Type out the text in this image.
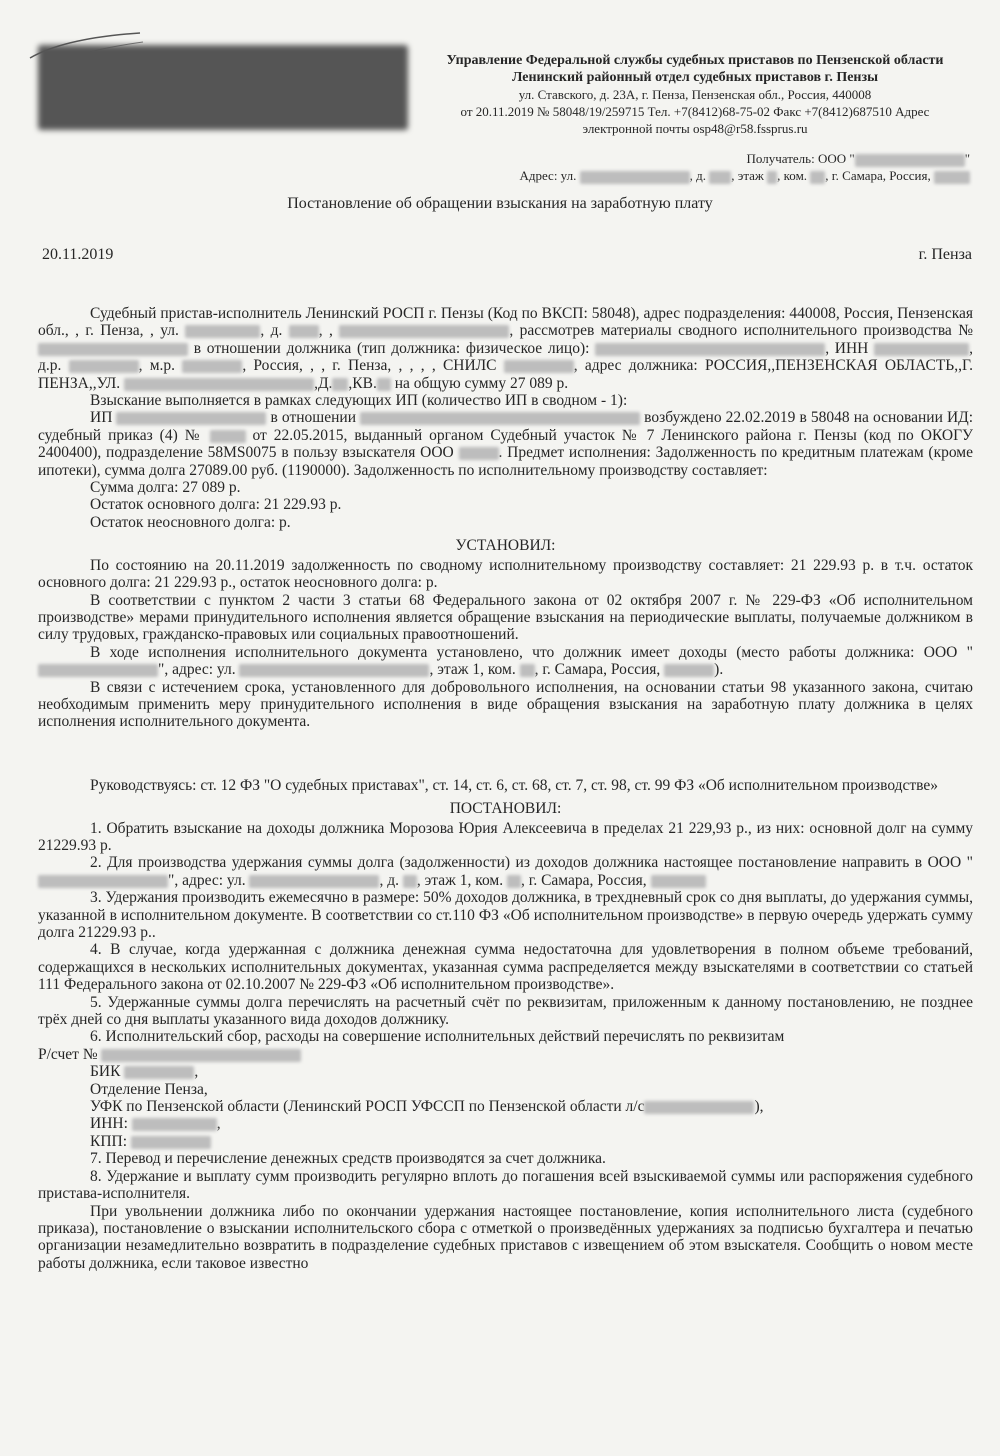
Управление Федеральной службы судебных приставов по Пензенской области
Ленинский районный отдел судебных приставов г. Пензы
ул. Ставского, д. 23А, г. Пенза, Пензенская обл., Россия, 440008
от 20.11.2019 № 58048/19/259715 Тел. +7(8412)68-75-02 Факс +7(8412)687510 Адрес
электронной почты osp48@r58.fssprus.ru
Получатель: ООО "	"
Адрес: ул.	, д. , этаж , ком. , г. Самара, Россия,
Постановление об обращении взыскания на заработную плату
20.11.2019	г. Пенза

Судебный пристав-исполнитель Ленинский РОСП г. Пензы (Код по ВКСП: 58048), адрес подразделения: 440008, Россия, Пензенская обл., , г. Пенза, , ул.	, д. , ,	, рассмотрев материалы сводного исполнительного производства №  в отношении должника (тип должника: физическое лицо):	, ИНН	, д.р.	, м.р.	, Россия, , , г. Пенза, , , , , СНИЛС	, адрес должника: РОССИЯ,,ПЕНЗЕНСКАЯ ОБЛАСТЬ,,Г. ПЕНЗА,,УЛ.	,Д. ,КВ. на общую сумму 27 089 р.

Взыскание выполняется в рамках следующих ИП (количество ИП в сводном - 1):

ИП	в отношении	возбуждено 22.02.2019 в 58048 на основании ИД: судебный приказ (4) №	от 22.05.2015, выданный органом Судебный участок № 7 Ленинского района г. Пензы (код по ОКОГУ 2400400), подразделение 58MS0075 в пользу взыскателя ООО	. Предмет исполнения: Задолженность по кредитным платежам (кроме ипотеки), сумма долга 27089.00 руб. (1190000). Задолженность по исполнительному производству составляет:

Сумма долга: 27 089 р.

Остаток основного долга: 21 229.93 р.

Остаток неосновного долга: р.

УСТАНОВИЛ:

По состоянию на 20.11.2019 задолженность по сводному исполнительному производству составляет: 21 229.93 р. в т.ч. остаток основного долга: 21 229.93 р., остаток неосновного долга: р.

В соответствии с пунктом 2 части 3 статьи 68 Федерального закона от 02 октября 2007 г. № 229-ФЗ «Об исполнительном производстве» мерами принудительного исполнения является обращение взыскания на периодические выплаты, получаемые должником в силу трудовых, гражданско-правовых или социальных правоотношений.

В ходе исполнения исполнительного документа установлено, что должник имеет доходы (место работы должника: ООО "", адрес: ул.	, этаж 1, ком. , г. Самара, Россия,	).

В связи с истечением срока, установленного для добровольного исполнения, на основании статьи 98 указанного закона, считаю необходимым применить меру принудительного исполнения в виде обращения взыскания на заработную плату должника в целях исполнения исполнительного документа.

Руководствуясь: ст. 12 ФЗ "О судебных приставах", ст. 14, ст. 6, ст. 68, ст. 7, ст. 98, ст. 99 ФЗ «Об исполнительном производстве»

ПОСТАНОВИЛ:

1. Обратить взыскание на доходы должника Морозова Юрия Алексеевича в пределах 21 229,93 р., из них: основной долг на сумму 21229.93 р.

2. Для производства удержания суммы долга (задолженности) из доходов должника настоящее постановление направить в ООО "", адрес: ул.	, д. , этаж 1, ком. , г. Самара, Россия,

3. Удержания производить ежемесячно в размере: 50% доходов должника, в трехдневный срок со дня выплаты, до удержания суммы, указанной в исполнительном документе. В соответствии со ст.110 ФЗ «Об исполнительном производстве» в первую очередь удержать сумму долга 21229.93 р..

4. В случае, когда удержанная с должника денежная сумма недостаточна для удовлетворения в полном объеме требований, содержащихся в нескольких исполнительных документах, указанная сумма распределяется между взыскателями в соответствии со статьей 111 Федерального закона от 02.10.2007 № 229-ФЗ «Об исполнительном производстве».

5. Удержанные суммы долга перечислять на расчетный счёт по реквизитам, приложенным к данному постановлению, не позднее трёх дней со дня выплаты указанного вида доходов должнику.

6. Исполнительский сбор, расходы на совершение исполнительных действий перечислять по реквизитам

Р/счет №

БИК	,

Отделение Пенза,

УФК по Пензенской области (Ленинский РОСП УФССП по Пензенской области л/с	),

ИНН:	,

КПП:

7. Перевод и перечисление денежных средств производятся за счет должника.

8. Удержание и выплату сумм производить регулярно вплоть до погашения всей взыскиваемой суммы или распоряжения судебного пристава-исполнителя.

При увольнении должника либо по окончании удержания настоящее постановление, копия исполнительного листа (судебного приказа), постановление о взыскании исполнительского сбора с отметкой о произведённых удержаниях за подписью бухгалтера и печатью организации незамедлительно возвратить в подразделение судебных приставов с извещением об этом взыскателя. Сообщить о новом месте работы должника, если таковое известно
